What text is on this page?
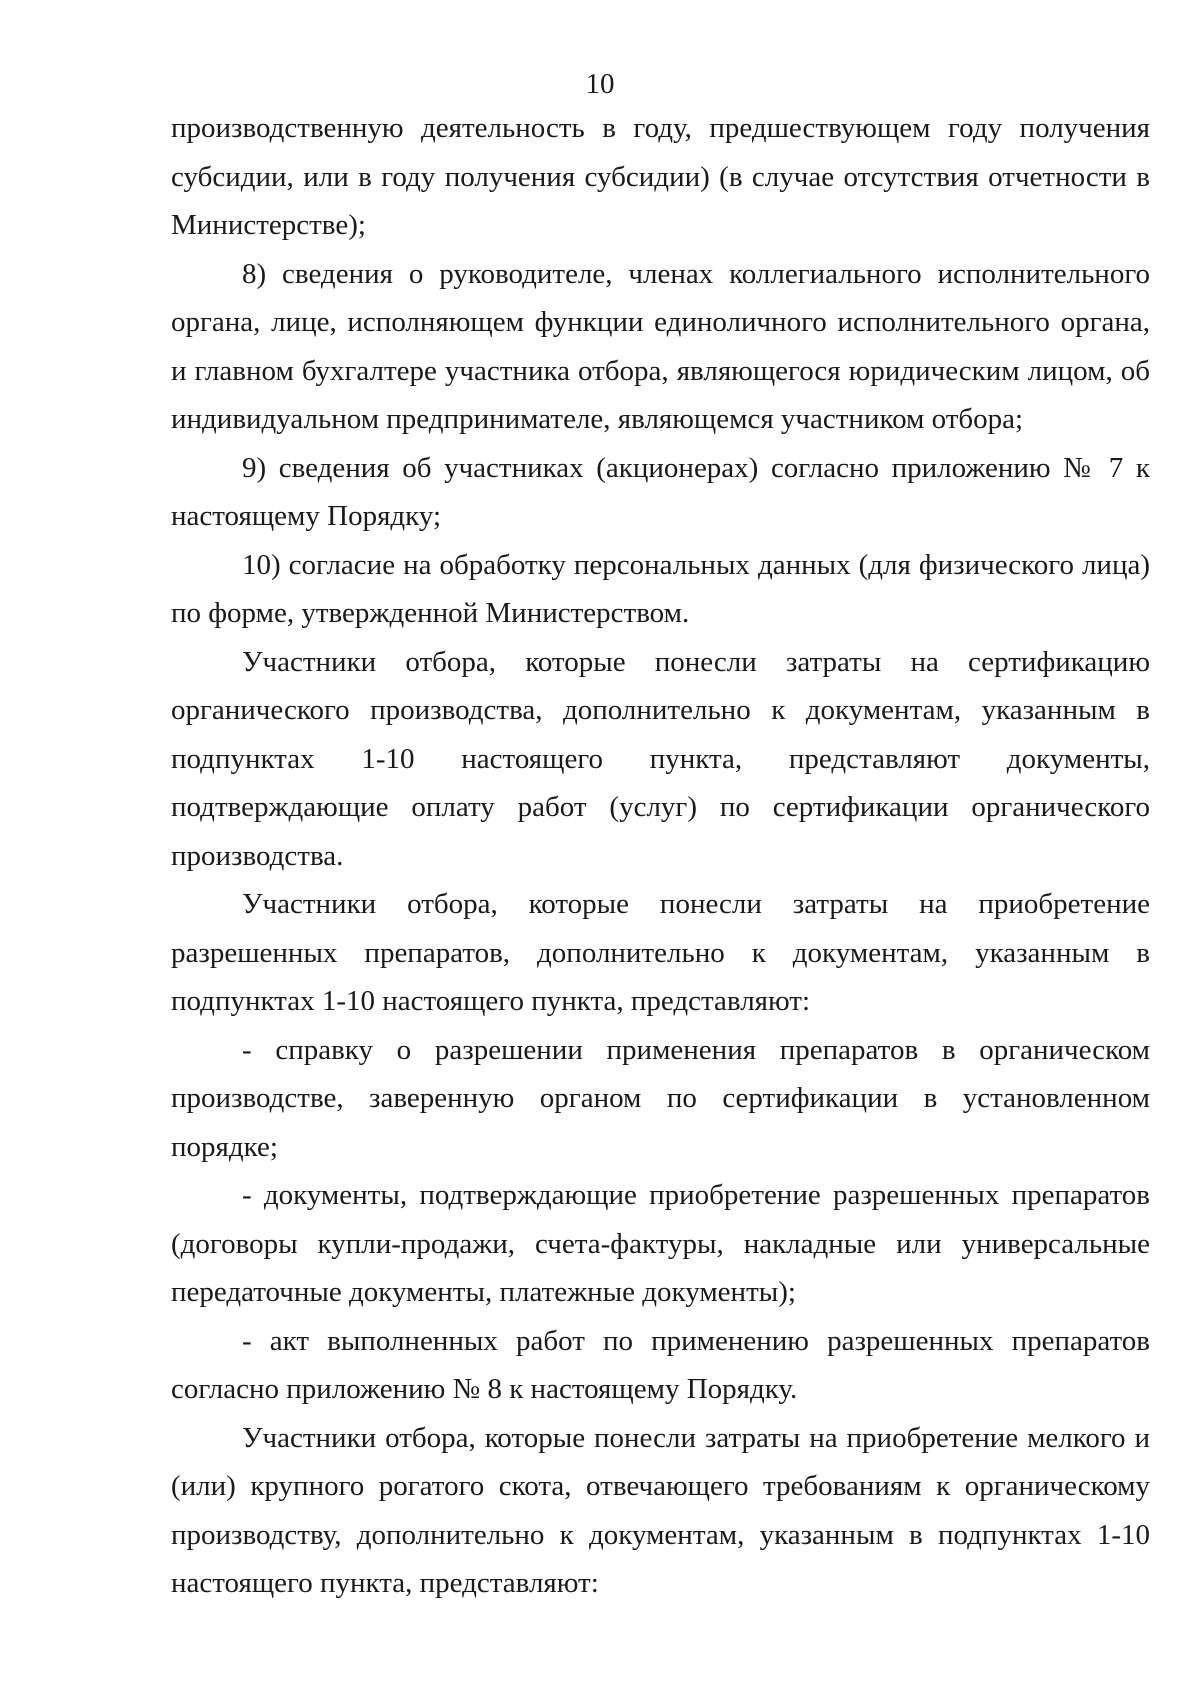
10

производственную деятельность в году, предшествующем году получения субсидии, или в году получения субсидии) (в случае отсутствия отчетности в Министерстве);

8) сведения о руководителе, членах коллегиального исполнительного органа, лице, исполняющем функции единоличного исполнительного органа, и главном бухгалтере участника отбора, являющегося юридическим лицом, об индивидуальном предпринимателе, являющемся участником отбора;

9) сведения об участниках (акционерах) согласно приложению № 7 к настоящему Порядку;

10) согласие на обработку персональных данных (для физического лица) по форме, утвержденной Министерством.

Участники отбора, которые понесли затраты на сертификацию органического производства, дополнительно к документам, указанным в подпунктах 1-10 настоящего пункта, представляют документы, подтверждающие оплату работ (услуг) по сертификации органического производства.

Участники отбора, которые понесли затраты на приобретение разрешенных препаратов, дополнительно к документам, указанным в подпунктах 1-10 настоящего пункта, представляют:

- справку о разрешении применения препаратов в органическом производстве, заверенную органом по сертификации в установленном порядке;

- документы, подтверждающие приобретение разрешенных препаратов (договоры купли-продажи, счета-фактуры, накладные или универсальные передаточные документы, платежные документы);

- акт выполненных работ по применению разрешенных препаратов согласно приложению № 8 к настоящему Порядку.

Участники отбора, которые понесли затраты на приобретение мелкого и (или) крупного рогатого скота, отвечающего требованиям к органическому производству, дополнительно к документам, указанным в подпунктах 1-10 настоящего пункта, представляют:
